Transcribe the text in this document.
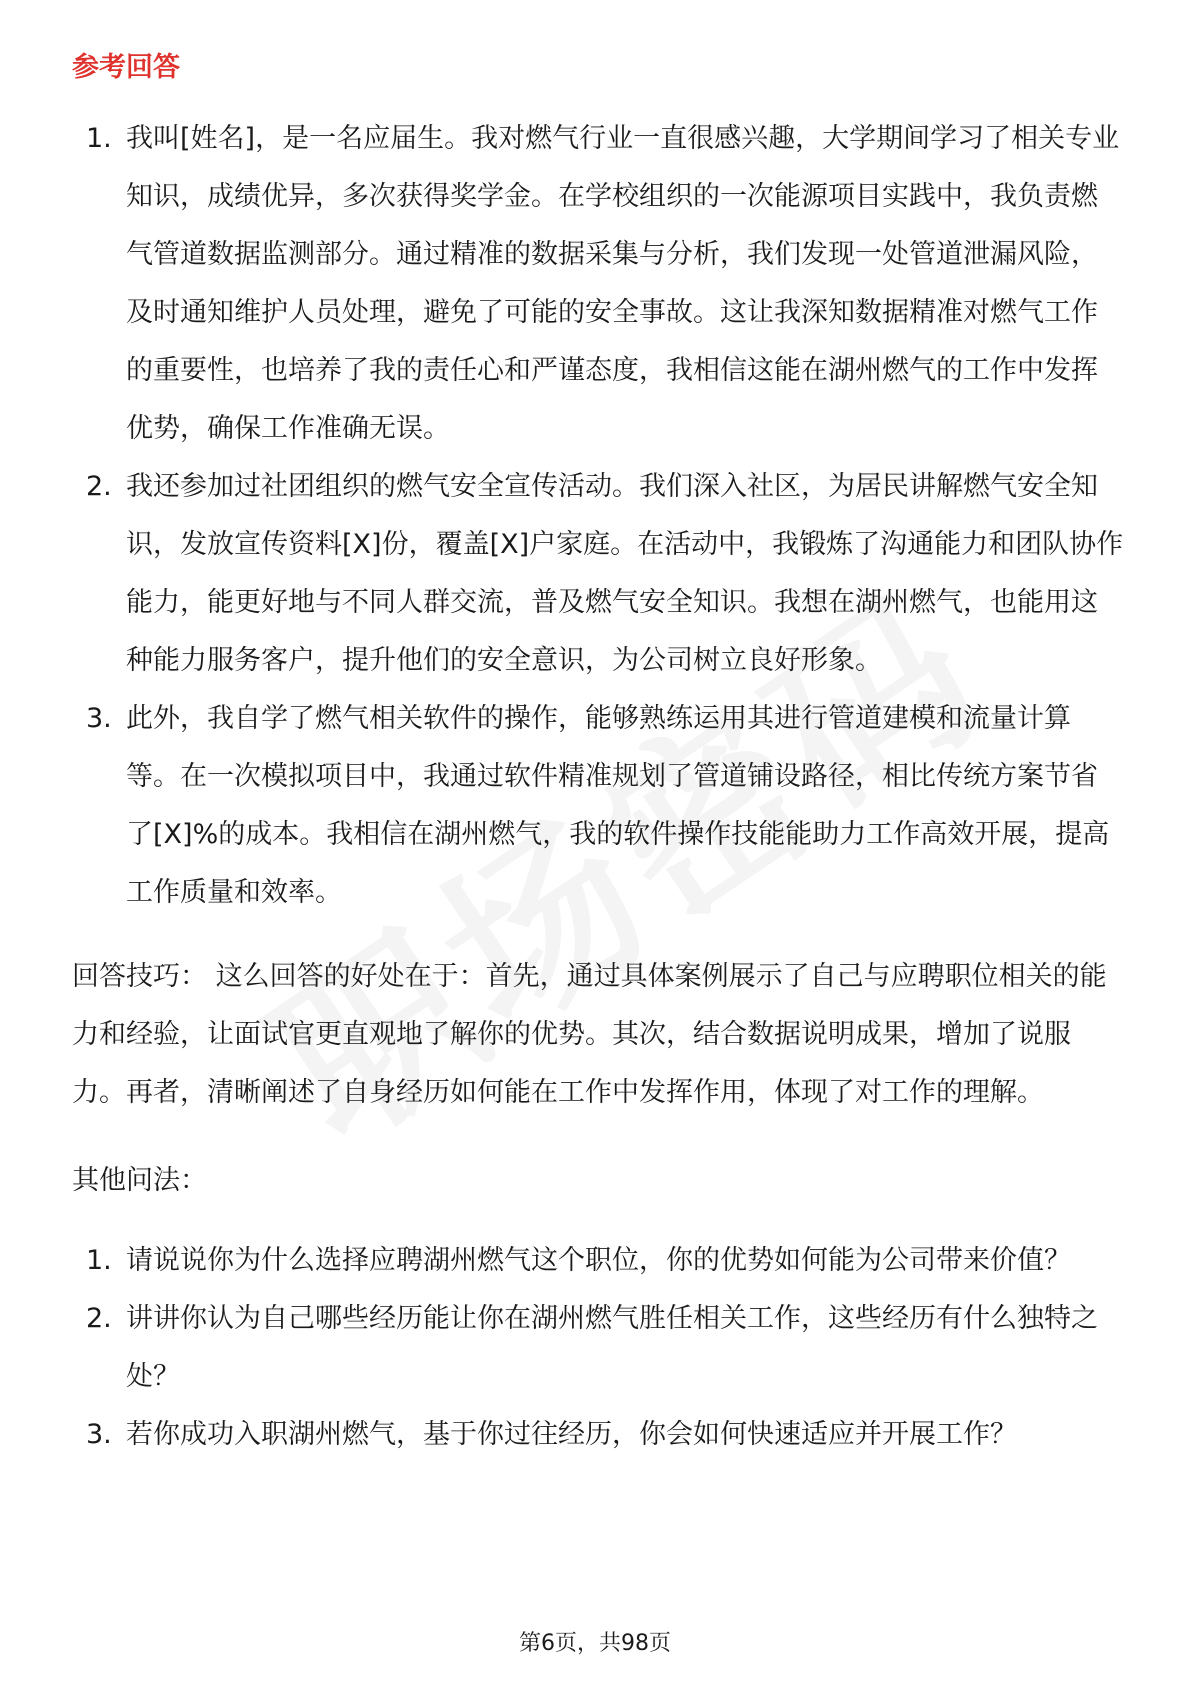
参考回答
1. 我叫[姓名]，是一名应届生。我对燃气行业一直很感兴趣，大学期间学习了相关专业知识，成绩优异，多次获得奖学金。在学校组织的一次能源项目实践中，我负责燃气管道数据监测部分。通过精准的数据采集与分析，我们发现一处管道泄漏风险，及时通知维护人员处理，避免了可能的安全事故。这让我深知数据精准对燃气工作的重要性，也培养了我的责任心和严谨态度，我相信这能在湖州燃气的工作中发挥优势，确保工作准确无误。
2. 我还参加过社团组织的燃气安全宣传活动。我们深入社区，为居民讲解燃气安全知识，发放宣传资料[X]份，覆盖[X]户家庭。在活动中，我锻炼了沟通能力和团队协作能力，能更好地与不同人群交流，普及燃气安全知识。我想在湖州燃气，也能用这种能力服务客户，提升他们的安全意识，为公司树立良好形象。
3. 此外，我自学了燃气相关软件的操作，能够熟练运用其进行管道建模和流量计算等。在一次模拟项目中，我通过软件精准规划了管道铺设路径，相比传统方案节省了[X]%的成本。我相信在湖州燃气，我的软件操作技能能助力工作高效开展，提高工作质量和效率。

回答技巧： 这么回答的好处在于：首先，通过具体案例展示了自己与应聘职位相关的能力和经验，让面试官更直观地了解你的优势。其次，结合数据说明成果，增加了说服力。再者，清晰阐述了自身经历如何能在工作中发挥作用，体现了对工作的理解。

其他问法：

1. 请说说你为什么选择应聘湖州燃气这个职位，你的优势如何能为公司带来价值？
2. 讲讲你认为自己哪些经历能让你在湖州燃气胜任相关工作，这些经历有什么独特之处？
3. 若你成功入职湖州燃气，基于你过往经历，你会如何快速适应并开展工作？
第6页，共98页
